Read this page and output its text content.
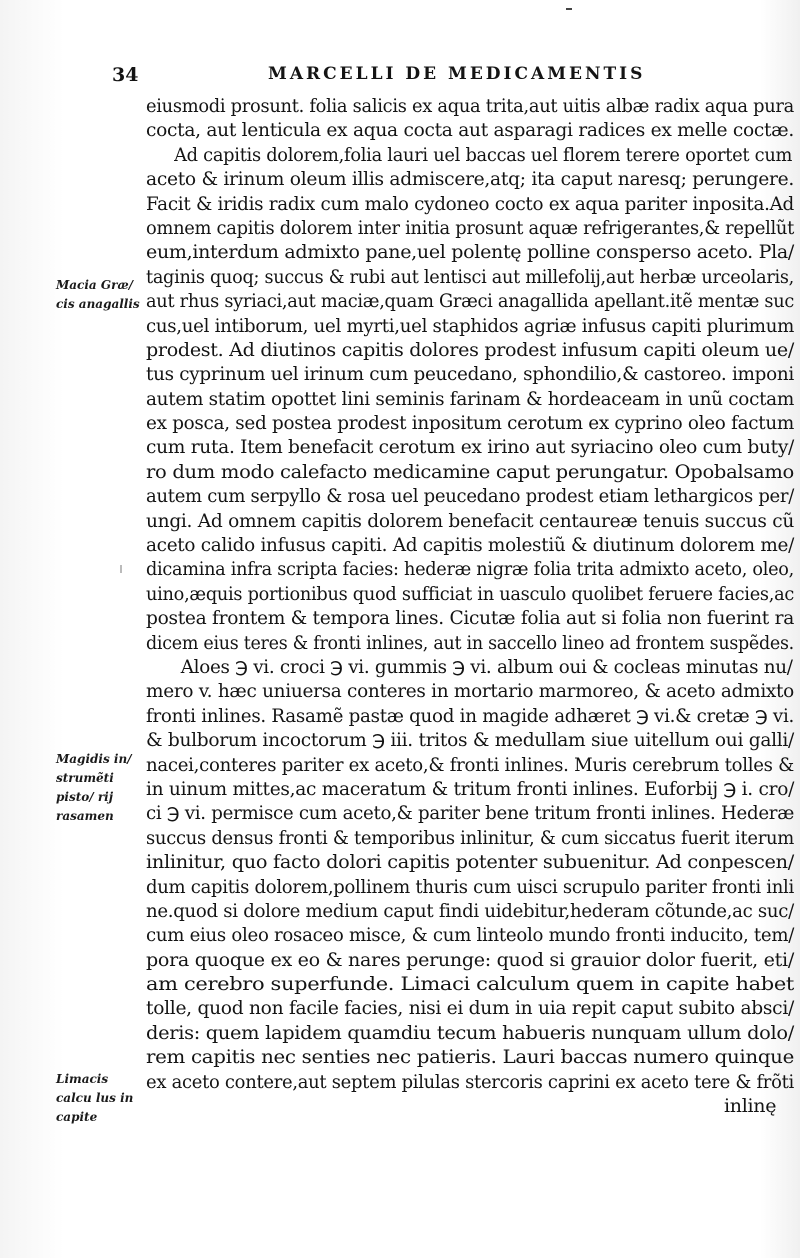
34	MARCELLI DE MEDICAMENTIS
Macia Græ/ cis anagallis
Magidis in/ strumẽti pisto/ rij rasamen
Limacis calcu lus in capite
eiusmodi prosunt. folia salicis ex aqua trita,aut uitis albæ radix aqua pura
cocta, aut lenticula ex aqua cocta aut asparagi radices ex melle coctæ.
Ad capitis dolorem,folia lauri uel baccas uel florem terere oportet cum
aceto & irinum oleum illis admiscere,atq; ita caput naresq; perungere.
Facit & iridis radix cum malo cydoneo cocto ex aqua pariter inposita.Ad
omnem capitis dolorem inter initia prosunt aquæ refrigerantes,& repellũt
eum,interdum admixto pane,uel polentę polline consperso aceto. Pla/
taginis quoq; succus & rubi aut lentisci aut millefolij,aut herbæ urceolaris,
aut rhus syriaci,aut maciæ,quam Græci anagallida apellant.itẽ mentæ suc
cus,uel intiborum, uel myrti,uel staphidos agriæ infusus capiti plurimum
prodest. Ad diutinos capitis dolores prodest infusum capiti oleum ue/
tus cyprinum uel irinum cum peucedano, sphondilio,& castoreo. imponi
autem statim opottet lini seminis farinam & hordeaceam in unũ coctam
ex posca, sed postea prodest inpositum cerotum ex cyprino oleo factum
cum ruta. Item benefacit cerotum ex irino aut syriacino oleo cum buty/
ro dum modo calefacto medicamine caput perungatur. Opobalsamo
autem cum serpyllo & rosa uel peucedano prodest etiam lethargicos per/
ungi. Ad omnem capitis dolorem benefacit centaureæ tenuis succus cũ
aceto calido infusus capiti. Ad capitis molestiũ & diutinum dolorem me/
dicamina infra scripta facies: hederæ nigræ folia trita admixto aceto, oleo,
uino,æquis portionibus quod sufficiat in uasculo quolibet feruere facies,ac
postea frontem & tempora lines. Cicutæ folia aut si folia non fuerint ra
dicem eius teres & fronti inlines, aut in saccello lineo ad frontem suspẽdes.
Aloes ℈ vi. croci ℈ vi. gummis ℈ vi. album oui & cocleas minutas nu/
mero v. hæc uniuersa conteres in mortario marmoreo, & aceto admixto
fronti inlines. Rasamẽ pastæ quod in magide adhæret ℈ vi.& cretæ ℈ vi.
& bulborum incoctorum ℈ iii. tritos & medullam siue uitellum oui galli/
nacei,conteres pariter ex aceto,& fronti inlines. Muris cerebrum tolles &
in uinum mittes,ac maceratum & tritum fronti inlines. Euforbij ℈ i. cro/
ci ℈ vi. permisce cum aceto,& pariter bene tritum fronti inlines. Hederæ
succus densus fronti & temporibus inlinitur, & cum siccatus fuerit iterum
inlinitur, quo facto dolori capitis potenter subuenitur. Ad conpescen/
dum capitis dolorem,pollinem thuris cum uisci scrupulo pariter fronti inli
ne.quod si dolore medium caput findi uidebitur,hederam cõtunde,ac suc/
cum eius oleo rosaceo misce, & cum linteolo mundo fronti inducito, tem/
pora quoque ex eo & nares perunge: quod si grauior dolor fuerit, eti/
am cerebro superfunde. Limaci calculum quem in capite habet
tolle, quod non facile facies, nisi ei dum in uia repit caput subito absci/
deris: quem lapidem quamdiu tecum habueris nunquam ullum dolo/
rem capitis nec senties nec patieris. Lauri baccas numero quinque
ex aceto contere,aut septem pilulas stercoris caprini ex aceto tere & frõti
inlinę
